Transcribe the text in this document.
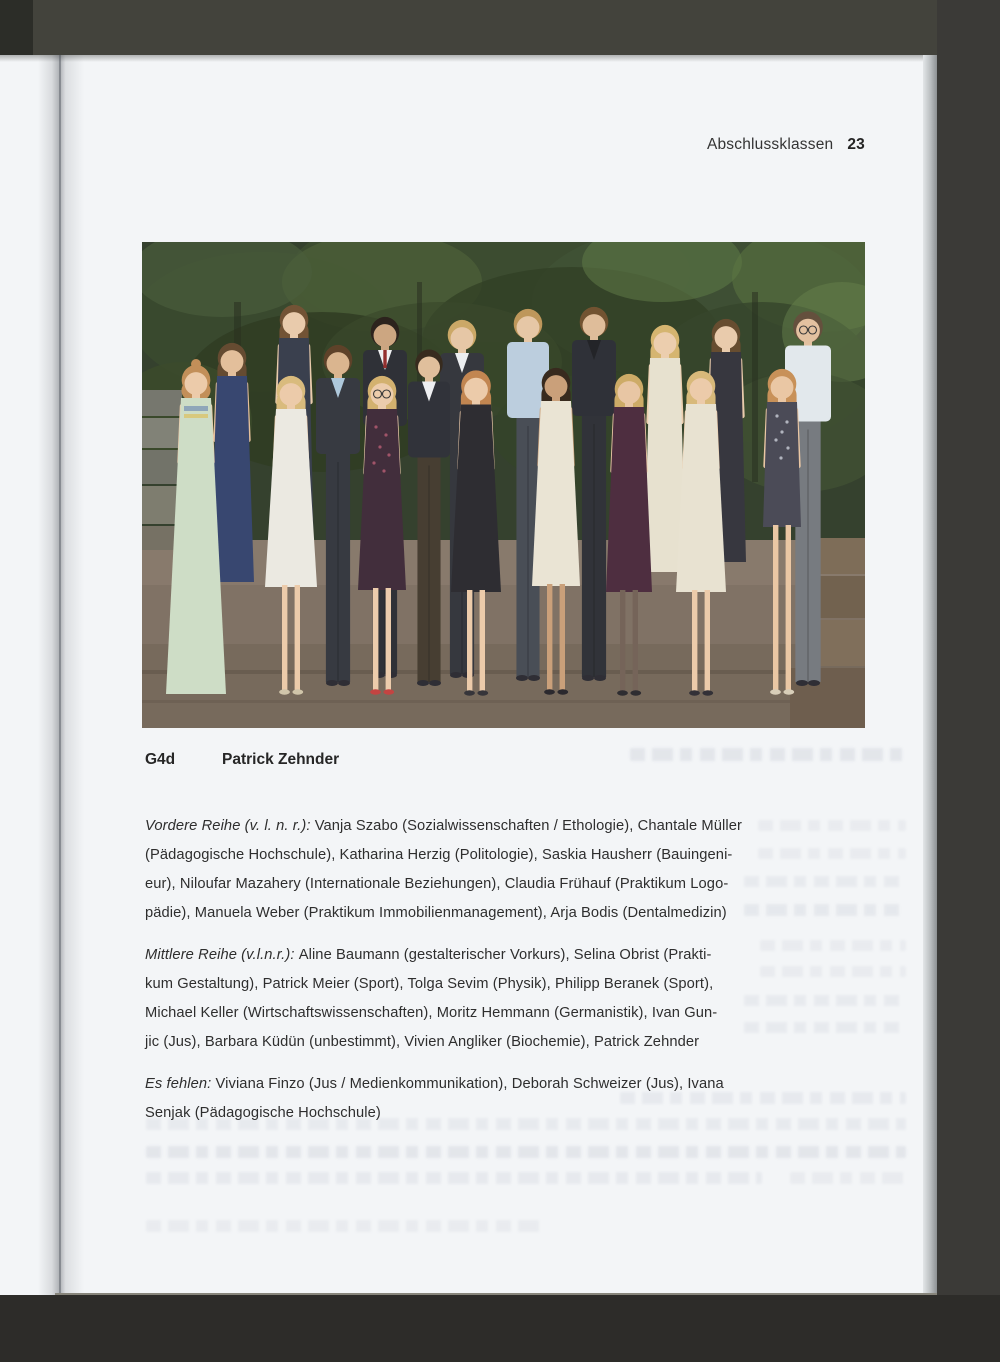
Abschlussklassen 23
G4d	Patrick Zehnder
Vordere Reihe (v. l. n. r.): Vanja Szabo (Sozialwissenschaften / Ethologie), Chantale Müller
(Pädagogische Hochschule), Katharina Herzig (Politologie), Saskia Hausherr (Bauingeni-
eur), Niloufar Mazahery (Internationale Beziehungen), Claudia Frühauf (Praktikum Logo-
pädie), Manuela Weber (Praktikum Immobilienmanagement), Arja Bodis (Dentalmedizin)
Mittlere Reihe (v.l.n.r.): Aline Baumann (gestalterischer Vorkurs), Selina Obrist (Prakti-
kum Gestaltung), Patrick Meier (Sport), Tolga Sevim (Physik), Philipp Beranek (Sport),
Michael Keller (Wirtschaftswissenschaften), Moritz Hemmann (Germanistik), Ivan Gun-
jic (Jus), Barbara Küdün (unbestimmt), Vivien Angliker (Biochemie), Patrick Zehnder
Es fehlen: Viviana Finzo (Jus / Medienkommunikation), Deborah Schweizer (Jus), Ivana
Senjak (Pädagogische Hochschule)
